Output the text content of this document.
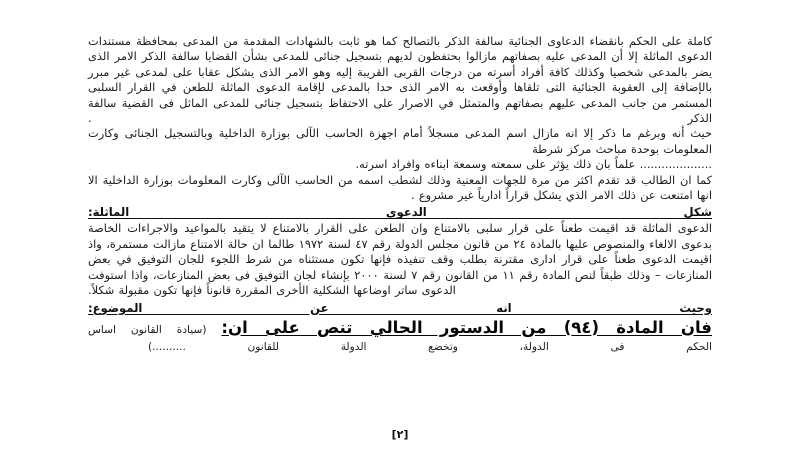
كاملة على الحكم بانقضاء الدعاوى الجنائية سالفة الذكر بالتصالح كما هو ثابت بالشهادات المقدمة من المدعى بمحافظة مستندات الدعوى الماثلة إلا أن المدعى عليه بصفاتهم مازالوا بحتفظون لديهم بتسجيل جنائى للمدعى بشأن القضايا سالفة الذكر الامر الذى يضر بالمدعى شخصيا وكذلك كافة أفراد أسرته من درجات القربى القريبة إليه وهو الامر الذى يشكل عقابا على لمدعى غير مبرر بالإضافة إلى العقوبة الجنائية التى تلقاها وأوقعت به الامر الذى حدا بالمدعى لإقامة الدعوى الماثلة للطعن في القرار السلبى المستمر من جانب المدعى عليهم بصفاتهم والمتمثل في الاصرار على الاحتفاظ بتسجيل جنائى للمدعى الماثل فى القضية سالفة الذكر .

حيث أنه وبرغم ما ذكر إلا انه مازال اسم المدعى مسجلاً أمام اجهزة الحاسب الآلى بوزارة الداخلية وبالتسجيل الجنائى وكارت المعلومات بوحدة مباحث مركز شرطة

.................... علماً بان ذلك يؤثر على سمعته وسمعة ابناءه وافراد اسرته.

كما ان الطالب قد تقدم اكثر من مرة للجهات المعنية وذلك لشطب اسمه من الحاسب الآلى وكارت المعلومات بوزارة الداخلية الا انها امتنعت عن ذلك الامر الذي يشكل قراراً ادارياً غير مشروع .

شكل الدعوى الماثلة:

الدعوى الماثلة قد اقيمت طعناً على قرار سلبى بالامتناع وان الطعن على القرار بالامتناع لا يتقيد بالمواعيد والاجراءات الخاصة بدعوى الالغاء والمنصوص عليها بالمادة ٢٤ من قانون مجلس الدولة رقم ٤٧ لسنة ١٩٧٢ طالما ان حالة الامتناع مازالت مستمرة، واذ اقيمت الدعوى طعناً على قرار ادارى مقترنة بطلب وقف تنفيذه فإنها تكون مستثناه من شرط اللجوء للجان التوفيق في بعض المنازعات – وذلك طبقاً لنص المادة رقم ١١ من القانون رقم ٧ لسنة ٢٠٠٠ بإنشاء لجان التوفيق فى بعض المنازعات، واذا استوفت الدعوى ساتر اوضاعها الشكلية الأخرى المقررة قانوناً فإنها تكون مقبولة شكلاً.

وحيث انه عن الموضوع:
فان المادة (٩٤) من الدستور الحالي تنص على ان: (سيادة القانون اساس
الحكم فى الدولة، وتخضع الدولة للقانون ..........)
[٢]
